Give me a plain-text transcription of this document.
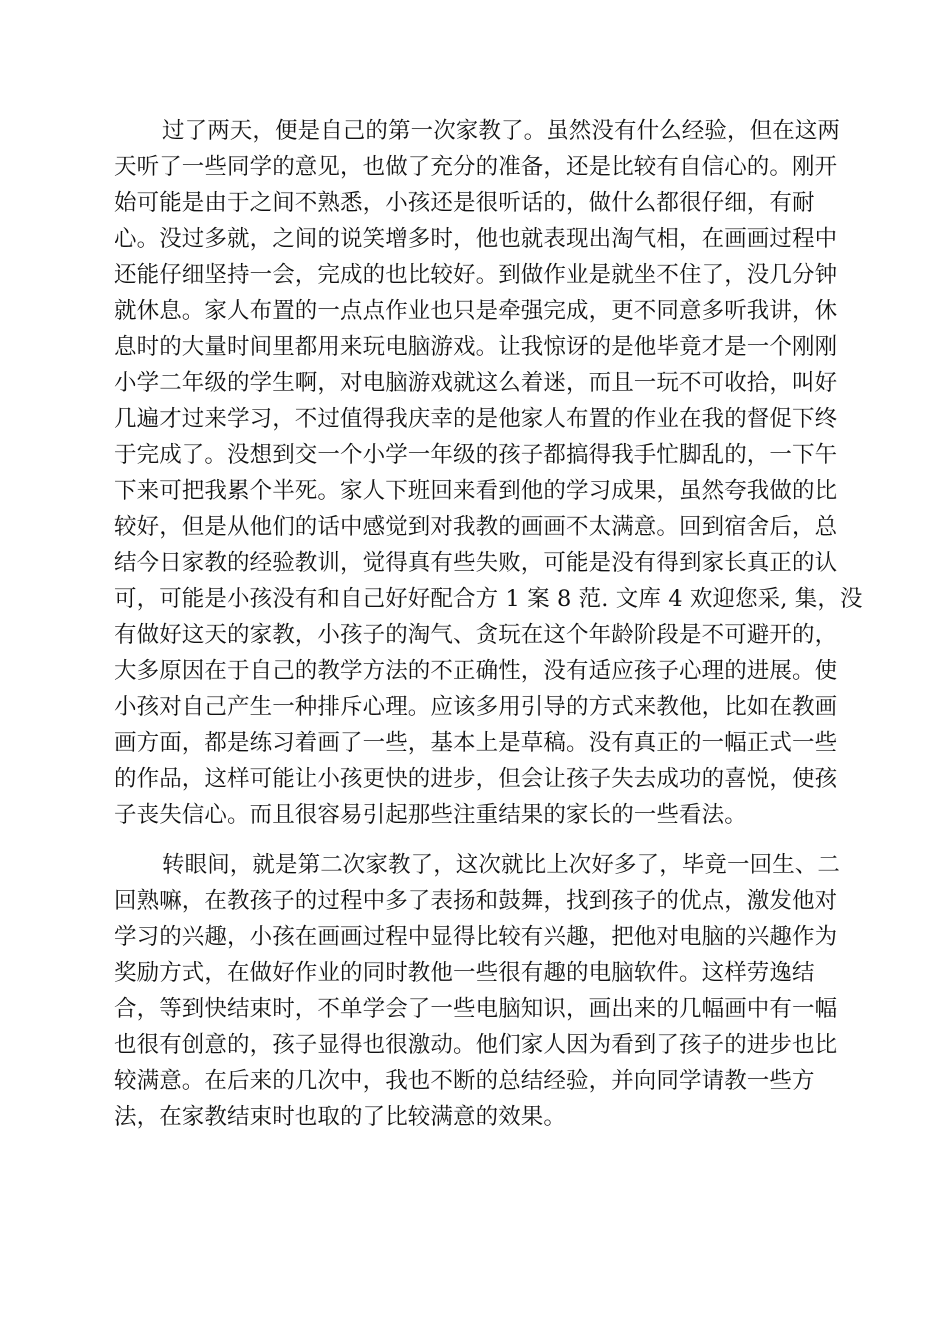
过了两天，便是自己的第一次家教了。虽然没有什么经验，但在这两
天听了一些同学的意见，也做了充分的准备，还是比较有自信心的。刚开
始可能是由于之间不熟悉，小孩还是很听话的，做什么都很仔细，有耐
心。没过多就，之间的说笑增多时，他也就表现出淘气相，在画画过程中
还能仔细坚持一会，完成的也比较好。到做作业是就坐不住了，没几分钟
就休息。家人布置的一点点作业也只是牵强完成，更不同意多听我讲，休
息时的大量时间里都用来玩电脑游戏。让我惊讶的是他毕竟才是一个刚刚
小学二年级的学生啊，对电脑游戏就这么着迷，而且一玩不可收拾，叫好
几遍才过来学习，不过值得我庆幸的是他家人布置的作业在我的督促下终
于完成了。没想到交一个小学一年级的孩子都搞得我手忙脚乱的，一下午
下来可把我累个半死。家人下班回来看到他的学习成果，虽然夸我做的比
较好，但是从他们的话中感觉到对我教的画画不太满意。回到宿舍后，总
结今日家教的经验教训，觉得真有些失败，可能是没有得到家长真正的认
可，可能是小孩没有和自己好好配合方 1 案 8 范. 文库 4 欢迎您采, 集，没
有做好这天的家教，小孩子的淘气、贪玩在这个年龄阶段是不可避开的，
大多原因在于自己的教学方法的不正确性，没有适应孩子心理的进展。使
小孩对自己产生一种排斥心理。应该多用引导的方式来教他，比如在教画
画方面，都是练习着画了一些，基本上是草稿。没有真正的一幅正式一些
的作品，这样可能让小孩更快的进步，但会让孩子失去成功的喜悦，使孩
子丧失信心。而且很容易引起那些注重结果的家长的一些看法。
转眼间，就是第二次家教了，这次就比上次好多了，毕竟一回生、二
回熟嘛，在教孩子的过程中多了表扬和鼓舞，找到孩子的优点，激发他对
学习的兴趣，小孩在画画过程中显得比较有兴趣，把他对电脑的兴趣作为
奖励方式，在做好作业的同时教他一些很有趣的电脑软件。这样劳逸结
合，等到快结束时，不单学会了一些电脑知识，画出来的几幅画中有一幅
也很有创意的，孩子显得也很激动。他们家人因为看到了孩子的进步也比
较满意。在后来的几次中，我也不断的总结经验，并向同学请教一些方
法，在家教结束时也取的了比较满意的效果。
